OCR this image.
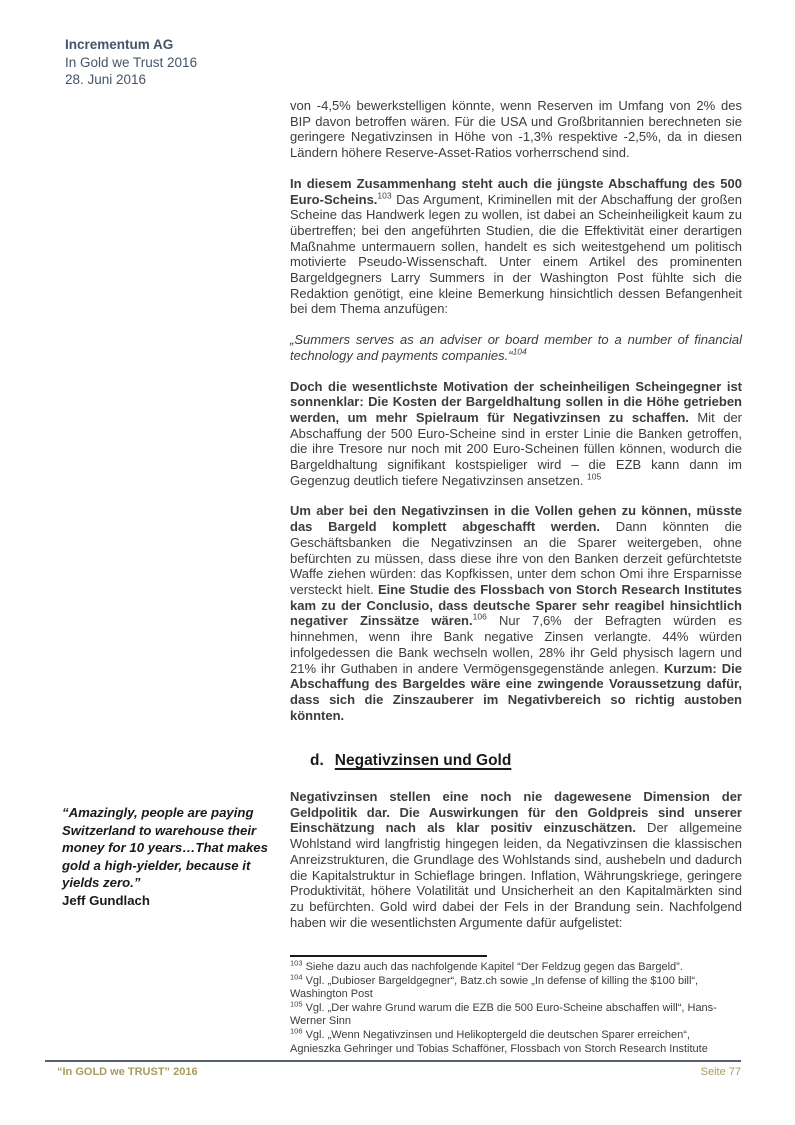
Incrementum AG
In Gold we Trust 2016
28. Juni 2016
“Amazingly, people are paying Switzerland to warehouse their money for 10 years…That makes gold a high-yielder, because it yields zero.”
Jeff Gundlach

von -4,5% bewerkstelligen könnte, wenn Reserven im Umfang von 2% des BIP davon betroffen wären. Für die USA und Großbritannien berechneten sie geringere Negativzinsen in Höhe von -1,3% respektive -2,5%, da in diesen Ländern höhere Reserve-Asset-Ratios vorherrschend sind.

In diesem Zusammenhang steht auch die jüngste Abschaffung des 500 Euro-Scheins.$^{103}$ Das Argument, Kriminellen mit der Abschaffung der großen Scheine das Handwerk legen zu wollen, ist dabei an Scheinheiligkeit kaum zu übertreffen; bei den angeführten Studien, die die Effektivität einer derartigen Maßnahme untermauern sollen, handelt es sich weitestgehend um politisch motivierte Pseudo-Wissenschaft. Unter einem Artikel des prominenten Bargeldgegners Larry Summers in der Washington Post fühlte sich die Redaktion genötigt, eine kleine Bemerkung hinsichtlich dessen Befangenheit bei dem Thema anzufügen:

„Summers serves as an adviser or board member to a number of financial technology and payments companies.“$^{104}$

Doch die wesentlichste Motivation der scheinheiligen Scheingegner ist sonnenklar: Die Kosten der Bargeldhaltung sollen in die Höhe getrieben werden, um mehr Spielraum für Negativzinsen zu schaffen. Mit der Abschaffung der 500 Euro-Scheine sind in erster Linie die Banken getroffen, die ihre Tresore nur noch mit 200 Euro-Scheinen füllen können, wodurch die Bargeldhaltung signifikant kostspieliger wird – die EZB kann dann im Gegenzug deutlich tiefere Negativzinsen ansetzen. $^{105}$

Um aber bei den Negativzinsen in die Vollen gehen zu können, müsste das Bargeld komplett abgeschafft werden. Dann könnten die Geschäftsbanken die Negativzinsen an die Sparer weitergeben, ohne befürchten zu müssen, dass diese ihre von den Banken derzeit gefürchtetste Waffe ziehen würden: das Kopfkissen, unter dem schon Omi ihre Ersparnisse versteckt hielt. Eine Studie des Flossbach von Storch Research Institutes kam zu der Conclusio, dass deutsche Sparer sehr reagibel hinsichtlich negativer Zinssätze wären.$^{106}$ Nur 7,6% der Befragten würden es hinnehmen, wenn ihre Bank negative Zinsen verlangte. 44% würden infolgedessen die Bank wechseln wollen, 28% ihr Geld physisch lagern und 21% ihr Guthaben in andere Vermögensgegenstände anlegen. Kurzum: Die Abschaffung des Bargeldes wäre eine zwingende Voraussetzung dafür, dass sich die Zinszauberer im Negativbereich so richtig austoben könnten.

d. Negativzinsen und Gold

Negativzinsen stellen eine noch nie dagewesene Dimension der Geldpolitik dar. Die Auswirkungen für den Goldpreis sind unserer Einschätzung nach als klar positiv einzuschätzen. Der allgemeine Wohlstand wird langfristig hingegen leiden, da Negativzinsen die klassischen Anreizstrukturen, die Grundlage des Wohlstands sind, aushebeln und dadurch die Kapitalstruktur in Schieflage bringen. Inflation, Währungskriege, geringere Produktivität, höhere Volatilität und Unsicherheit an den Kapitalmärkten sind zu befürchten. Gold wird dabei der Fels in der Brandung sein. Nachfolgend haben wir die wesentlichsten Argumente dafür aufgelistet:

$^{103}$ Siehe dazu auch das nachfolgende Kapitel “Der Feldzug gegen das Bargeld”.
$^{104}$ Vgl. „Dubioser Bargeldgegner“, Batz.ch sowie „In defense of killing the $100 bill“, Washington Post
$^{105}$ Vgl. „Der wahre Grund warum die EZB die 500 Euro-Scheine abschaffen will“, Hans-Werner Sinn
$^{106}$ Vgl. „Wenn Negativzinsen und Helikoptergeld die deutschen Sparer erreichen“, Agnieszka Gehringer und Tobias Schafföner, Flossbach von Storch Research Institute
“In GOLD we TRUST” 2016	Seite 77
